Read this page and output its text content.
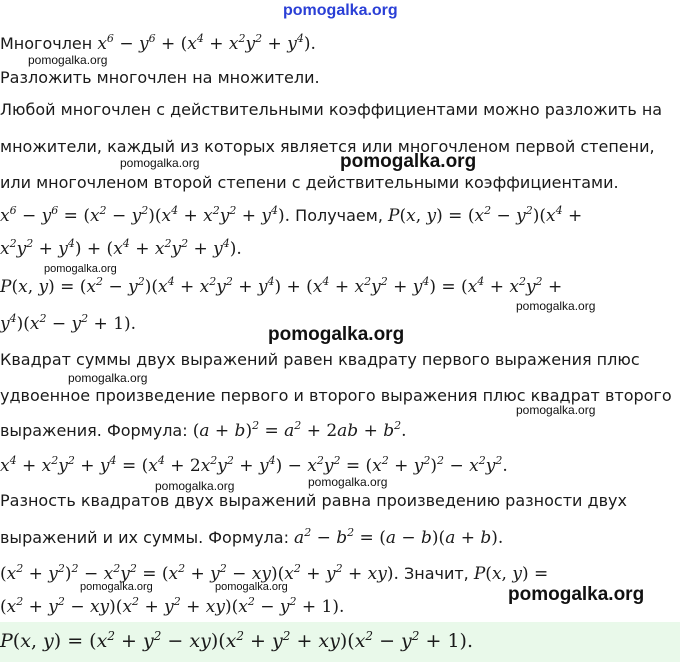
pomogalka.org
pomogalka.org
pomogalka.org	pomogalka.org
pomogalka.org
pomogalka.org
pomogalka.org
pomogalka.org
pomogalka.org
pomogalka.org	pomogalka.org
pomogalka.org	pomogalka.org	pomogalka.org
Многочлен $x^6 - y^6 + (x^4 + x^2y^2 + y^4)$.
Разложить многочлен на множители.
Любой многочлен с действительными коэффициентами можно разложить на
множители, каждый из которых является или многочленом первой степени,
или многочленом второй степени с действительными коэффициентами.
$x^6 - y^6 = (x^2 - y^2)(x^4 + x^2y^2 + y^4)$. Получаем, P(x, $y) = (x^2 - y^2)(x^4$ +
$x^2y^2 + y^4) + (x^4 + x^2y^2 + y^4)$.
P(x, $y) = (x^2 - y^2)(x^4 + x^2y^2 + y^4) + (x^4 + x^2y^2 + y^4) = (x^4 + x^2y^2$ +
$y^4)(x^2 - y^2 + 1)$.
Квадрат суммы двух выражений равен квадрату первого выражения плюс
удвоенное произведение первого и второго выражения плюс квадрат второго
выражения. Формула: $(a + b)^2 = a^2 + 2ab + b^2$.
$x^4 + x^2y^2 + y^4 = (x^4 + 2x^2y^2 + y^4) - x^2y^2 = (x^2 + y^2)^2 - x^2y^2$.
Разность квадратов двух выражений равна произведению разности двух
выражений и их суммы. Формула: $a^2 - b^2 = (a - b)(a + b)$.
$(x^2 + y^2)^2 - x^2y^2 = (x^2 + y^2 - xy)(x^2 + y^2 + xy)$. Значит, P(x, y) =
$(x^2 + y^2 - xy)(x^2 + y^2 + xy)(x^2 - y^2 + 1)$.
P(x, $y) = (x^2 + y^2 - xy)(x^2 + y^2 + xy)(x^2 - y^2 + 1)$.
